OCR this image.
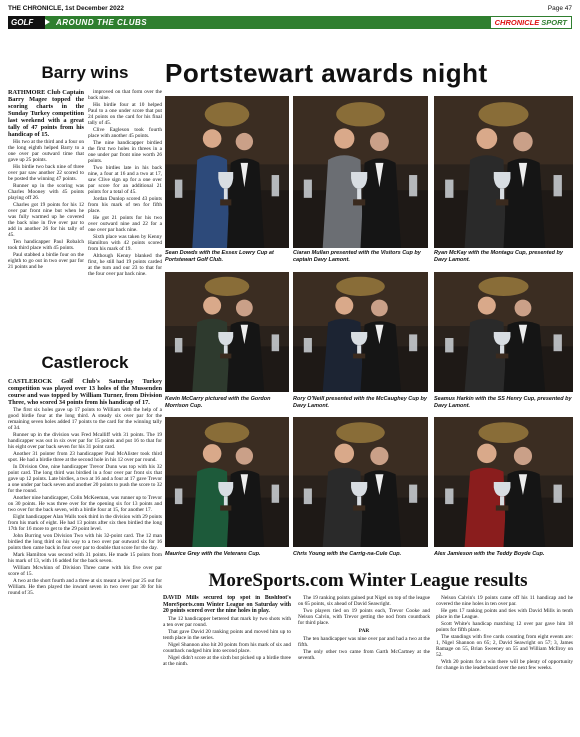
THE CHRONICLE, 1st December 2022	Page 47
GOLF	AROUND THE CLUBS	CHRONICLE SPORT
Barry wins

RATHMORE Club Captain Barry Magee topped the scoring charts in the Sunday Turkey competition last weekend with a great tally of 47 points from his handicap of 15.

His two at the third and a four on the long eighth helped Barry to a one over par outward time that gave up 25 points.

His birdie two back nine of three over par saw another 22 scored to be posted the winning 47 points.

Runner up in the scoring was Charles Mooney with 45 points playing off 26.

Charles got 19 points for his 12 over par front nine but when he was fully warmed up he covered the back nine in five over par to add in another 26 for his tally of 45.

Ten handicapper Paul Robalch took third place with 45 points.

Paul stabbed a birdie four on the eighth to go out in two over par for 21 points and he

improved on that form over the back nine.

His birdie four at 10 helped Paul to a one under score that put 24 points on the card for his final tally of 45.

Clive Eagleson took fourth place with another 45 points.

The nine handicapper birdied the first two holes in threes in a one under par front nine worth 26 points.

Two birdies late in his back nine, a four at 16 and a two at 17, saw Clive sign up for a one over par score for an additional 21 points for a total of 45.

Jordan Dunlop scored 43 points from his mark of ten for fifth place.

He got 21 points for his two over outward nine and 22 for a one over par back nine.

Sixth place was taken by Kenny Hamilton with 42 points scored from his mark of 19.

Although Kenny blanked the first, he still had 19 points carded at the turn and our 23 to that for the four over par back nine.

Castlerock

CASTLEROCK Golf Club's Saturday Turkey competition was played over 13 holes of the Mussenden course and was topped by William Turner, from Division Three, who scored 34 points from his handicap of 17.

The first six holes gave up 17 points to William with the help of a good birdie four at the long third. A steady six over par for the remaining seven holes added 17 points to the card for the winning tally of 34.

Runner up in the division was Fred Mcalliff with 31 points. The 19 handicapper was out in six over par for 15 points and put 16 to that for his eight over par back seven for his 31 point card.

Another 31 pointer from 23 handicapper Paul McAlister took third spot. He had a birdie three at the second hole in his 12 over par round.

In Division One, nine handicapper Trevor Dunn was top with his 32 point card. The long third was birdied in a four over par front six that gave up 12 points. Late birdies, a two at 16 and a four at 17 gave Trevor a one under par back seven and another 20 points to push the score to 32 for the round.

Another nine handicapper, Colin McKeeman, was runner up to Trevor on 30 points. He was three over for the opening six for 13 points and two over for the back seven, with a birdie four at 15, for another 17.

Eight handicapper Alan Walls took third in the division with 29 points from his mark of eight. He had 13 points after six then birdied the long 17th for 16 more to get to the 29 point level.

John Burring won Division Two with his 32-point card. The 12 man birdied the long third on his way to a two over par outward six for 16 points then came back in four over par to double that score for the day.

Mark Hamilton was second with 31 points. He made 15 points from his mark of 13, with 16 added for the back seven.

William Mcwhinn of Division Three came with his five over par score of 15.

A two at the short fourth and a three at six meant a level par 25 out for William. He then played the inward seven in two over par 30 for his round of 35.

Portstewart awards night
Sean Dowds with the Essex Lowry Cup at Portstewart Golf Club.
Ciaran Mullan presented with the Visitors Cup by captain Davy Lamont.
Ryan McKay with the Montagu Cup, presented by Davy Lamont.
Kevin McCarry pictured with the Gordon Morrison Cup.
Rory O'Neill presented with the McCaughey Cup by Davy Lamont.
Seamus Harkin with the SS Henry Cup, presented by Davy Lamont.
Maurice Grey with the Veterans Cup.	Chris Young with the Carrig-na-Cule Cup.	Alex Jamieson with the Teddy Boyde Cup.
MoreSports.com Winter League results

DAVID Mills secured top spot in Bushfoot's MoreSports.com Winter League on Saturday with 20 points scored over the nine holes in play.

The 12 handicapper bettered that mark by two shots with a ten over par round.

That gave David 20 ranking points and moved him up to tenth place in the series.

Nigel Shannon also hit 20 points from his mark of six and countback nudged him into second place.

Nigel didn't score at the sixth but picked up a birdie three at the ninth.

The 19 ranking points gained put Nigel on top of the league on 65 points, six ahead of David Seawright.

Two players tied on 19 points each, Trevor Cooke and Nelson Calvin, with Trevor getting the nod from countback for third place.

PAR

The ten handicapper was nine over par and had a two at the fifth.

The only other two came from Garth McCartney at the seventh.

Nelson Calvin's 19 points came off his 11 handicap and he covered the nine holes in ten over par.

He gets 17 ranking points and ties with David Mills in tenth place in the League.

Scott White's handicap matching 12 over par gave him 18 points for fifth place.

The standings with five cards counting from eight events are: 1, Nigel Shannon on 65; 2, David Seawright on 57; 3, James Ramage on 55, Brian Sweeney on 55 and William McIlroy on 52.

With 20 points for a win there will be plenty of opportunity for change in the leaderboard over the next few weeks.
